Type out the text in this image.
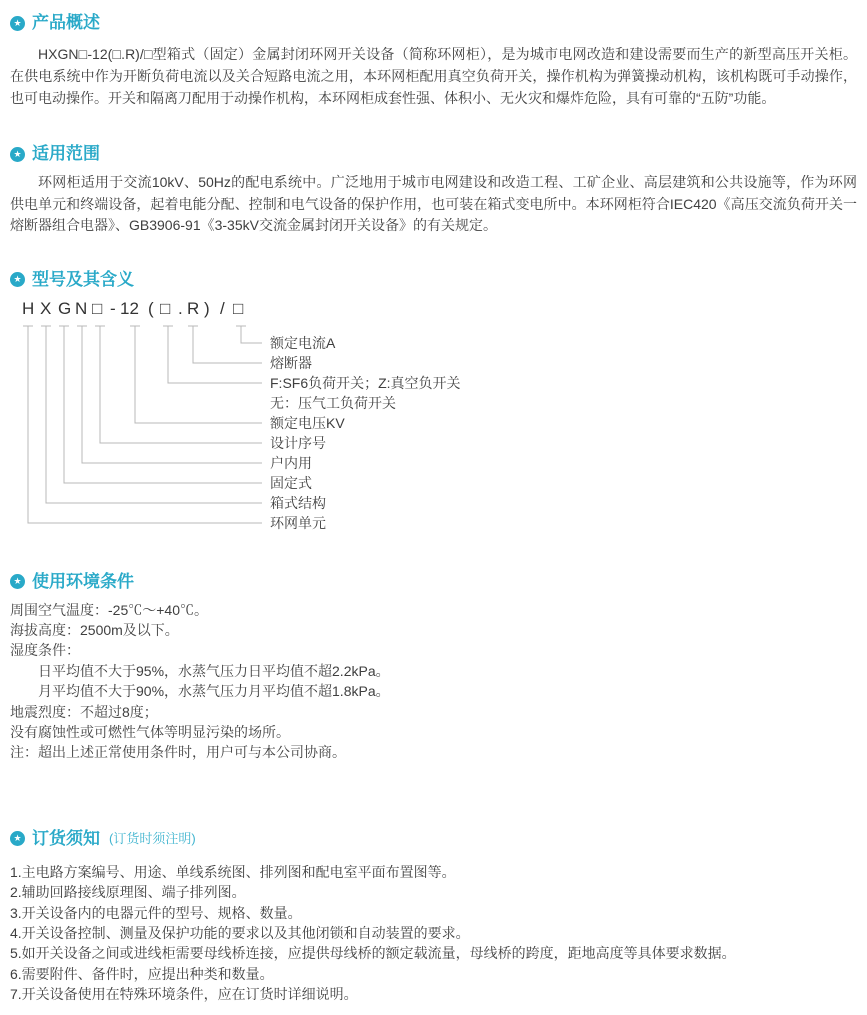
★ 产品概述

HXGN□-12(□.R)/□型箱式（固定）金属封闭环网开关设备（简称环网柜），是为城市电网改造和建设需要而生产的新型高压开关柜。在供电系统中作为开断负荷电流以及关合短路电流之用，本环网柜配用真空负荷开关，操作机构为弹簧操动机构，该机构既可手动操作，也可电动操作。开关和隔离刀配用于动操作机构，本环网柜成套性强、体积小、无火灾和爆炸危险，具有可靠的“五防”功能。

★ 适用范围

环网柜适用于交流10kV、50Hz的配电系统中。广泛地用于城市电网建设和改造工程、工矿企业、高层建筑和公共设施等，作为环网供电单元和终端设备，起着电能分配、控制和电气设备的保护作用，也可装在箱式变电所中。本环网柜符合IEC420《高压交流负荷开关一熔断器组合电器》、GB3906-91《3-35kV交流金属封闭开关设备》的有关规定。

★ 型号及其含义
H X G N □ - 12 ( □ . R ) / □
额定电流A
熔断器
F:SF6负荷开关；Z:真空负开关
无：压气工负荷开关
额定电压KV
设计序号
户内用
固定式
箱式结构
环网单元
★ 使用环境条件
周围空气温度：-25℃～+40℃。
海拔高度：2500m及以下。
湿度条件：
日平均值不大于95%，水蒸气压力日平均值不超2.2kPa。
月平均值不大于90%，水蒸气压力月平均值不超1.8kPa。
地震烈度：不超过8度；
没有腐蚀性或可燃性气体等明显污染的场所。
注：超出上述正常使用条件时，用户可与本公司协商。
★ 订货须知 (订货时须注明)
1.主电路方案编号、用途、单线系统图、排列图和配电室平面布置图等。
2.辅助回路接线原理图、端子排列图。
3.开关设备内的电器元件的型号、规格、数量。
4.开关设备控制、测量及保护功能的要求以及其他闭锁和自动装置的要求。
5.如开关设备之间或进线柜需要母线桥连接，应提供母线桥的额定载流量，母线桥的跨度，距地高度等具体要求数据。
6.需要附件、备件时，应提出种类和数量。
7.开关设备使用在特殊环境条件，应在订货时详细说明。
